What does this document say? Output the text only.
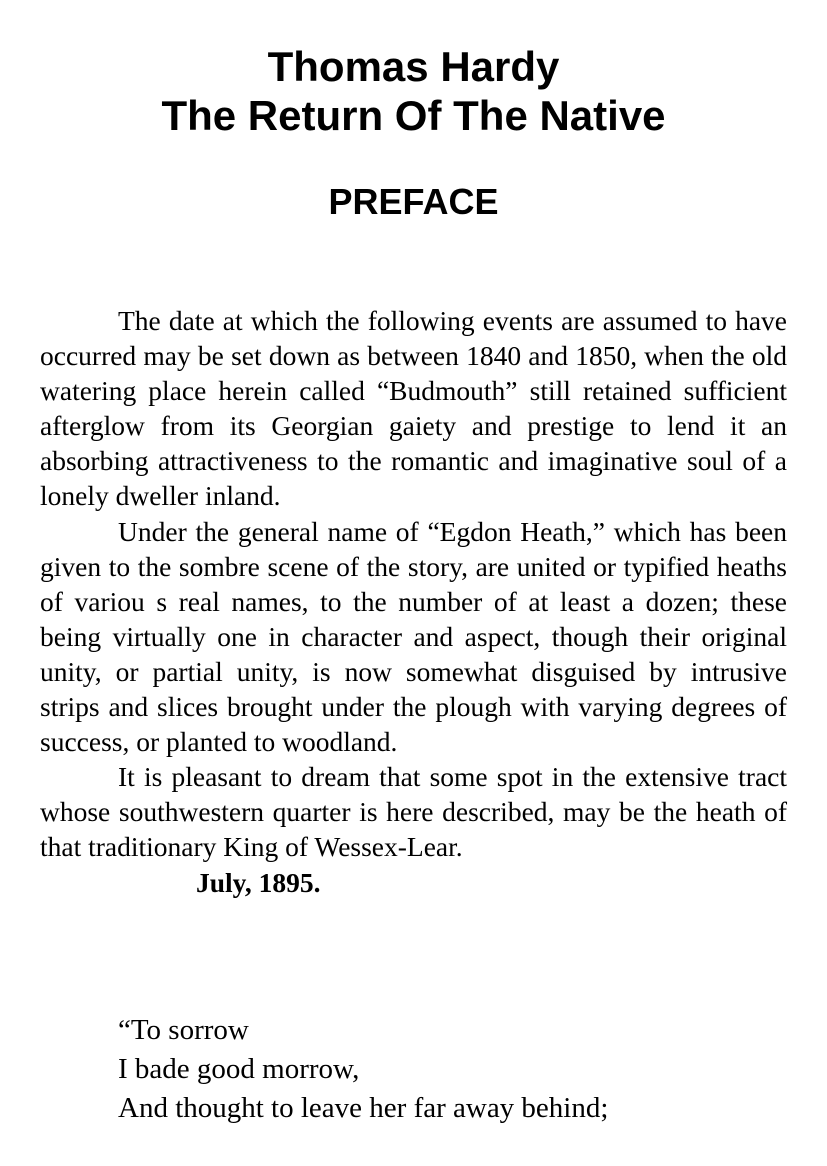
Thomas Hardy
The Return Of The Native
PREFACE

The date at which the following events are assumed to have occurred may be set down as between 1840 and 1850, when the old watering place herein called “Budmouth” still retained sufficient afterglow from its Georgian gaiety and prestige to lend it an absorbing attractiveness to the romantic and imaginative soul of a lonely dweller inland.

Under the general name of “Egdon Heath,” which has been given to the sombre scene of the story, are united or typified heaths of variou s real names, to the number of at least a dozen; these being virtually one in character and aspect, though their original unity, or partial unity, is now somewhat disguised by intrusive strips and slices brought under the plough with varying degrees of success, or planted to woodland.

It is pleasant to dream that some spot in the extensive tract whose southwestern quarter is here described, may be the heath of that traditionary King of Wessex-Lear.

July, 1895.

“To sorrow
I bade good morrow,
And thought to leave her far away behind;
